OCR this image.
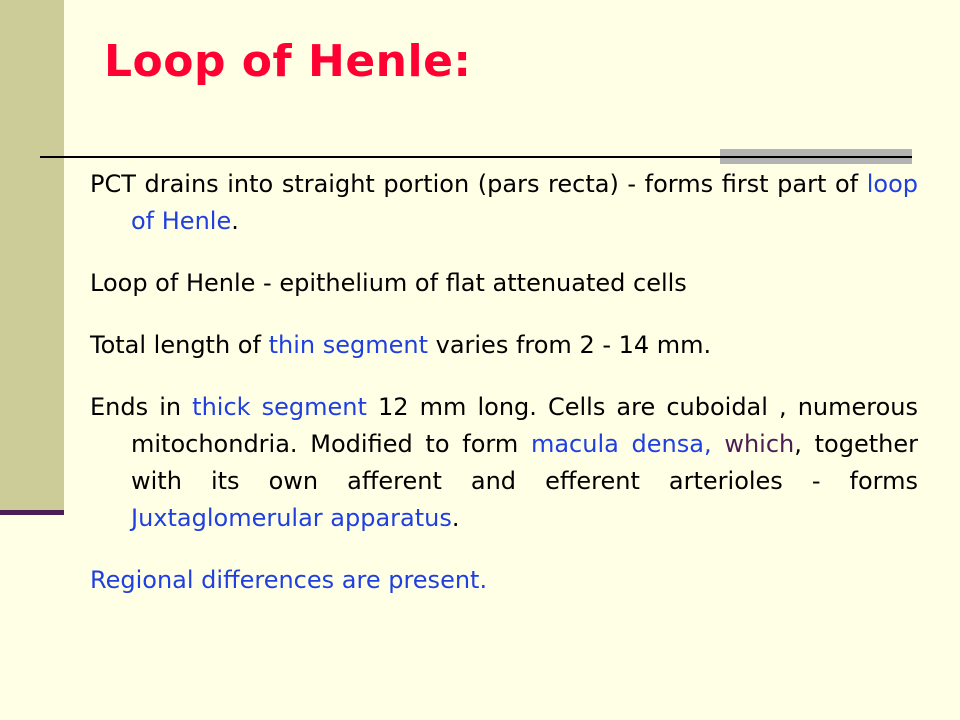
Loop of Henle:

PCT drains into straight portion (pars recta) - forms first part of loop of Henle.

Loop of Henle - epithelium of flat attenuated cells

Total length of thin segment varies from 2 - 14 mm.

Ends in thick segment 12 mm long. Cells are cuboidal , numerous mitochondria. Modified to form macula densa, which, together with its own afferent and efferent arterioles - forms Juxtaglomerular apparatus.

Regional differences are present.
